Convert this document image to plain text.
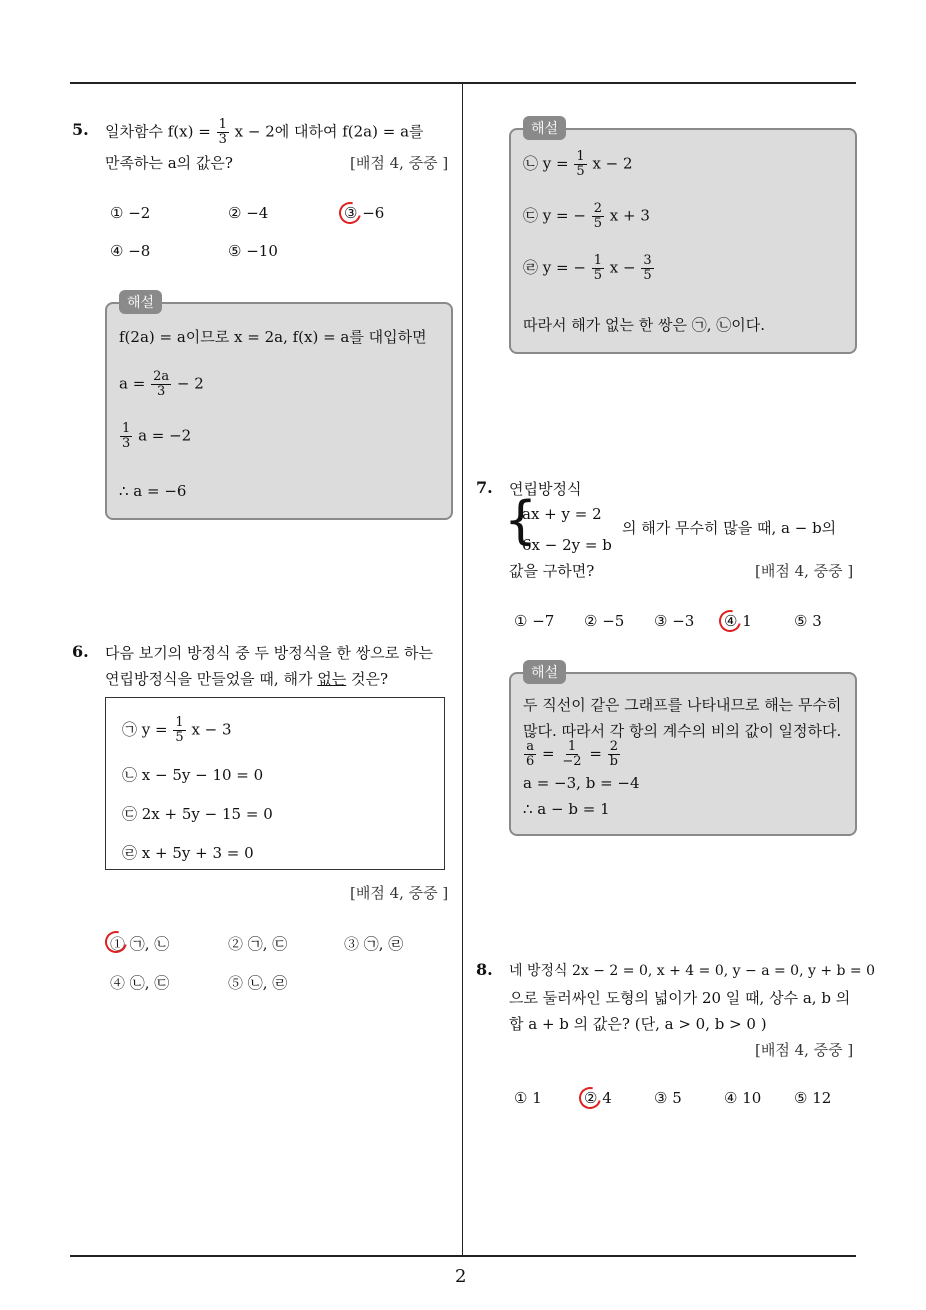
2
5. 일차함수 $f(x) = \frac{1}{3}$ x − 2에 대하여 f(2a) = a를
만족하는 a의 값은?	[배점 4, 중중 ]
① −2	② −4	③ −6
④ −8	⑤ −10
해설
f(2a) = a이므로 x = 2a, f(x) = a를 대입하면
$a = \frac{2a}{3} - 2$
$\frac{1}{3}$ a = −2
∴ a = −6
6. 다음 보기의 방정식 중 두 방정식을 한 쌍으로 하는
연립방정식을 만들었을 때, 해가 없는 것은?
㉠ $y = \frac{1}{5}$ x − 3
㉡ x − 5y − 10 = 0
㉢ 2x + 5y − 15 = 0
㉣ x + 5y + 3 = 0
[배점 4, 중중 ]
① ㉠, ㉡	② ㉠, ㉢	③ ㉠, ㉣
④ ㉡, ㉢	⑤ ㉡, ㉣
해설
㉡ $y = \frac{1}{5}$ x − 2
㉢ y = − $\frac{2}{5}$ x + 3
㉣ y = − $\frac{1}{5}$ $x - \frac{3}{5}$
따라서 해가 없는 한 쌍은 ㉠, ㉡이다.
7. 연립방정식
{
ax + y = 2
6x − 2y = b
의 해가 무수히 많을 때, a − b의
값을 구하면?	[배점 4, 중중 ]
① −7 ② −5 ③ −3 ④ 1	⑤ 3
해설
두 직선이 같은 그래프를 나타내므로 해는 무수히
많다. 따라서 각 항의 계수의 비의 값이 일정하다.
$\frac{a}{6} = \frac{1}{-2} = \frac{2}{b}$
a = −3, b = −4
∴ a − b = 1
8. 네 방정식 2x − 2 = 0, x + 4 = 0, y − a = 0, y + b = 0
으로 둘러싸인 도형의 넓이가 20 일 때, 상수 a, b 의
합 a + b 의 값은? (단, a > 0, b > 0 )
[배점 4, 중중 ]
① 1	② 4	③ 5	④ 10 ⑤ 12
